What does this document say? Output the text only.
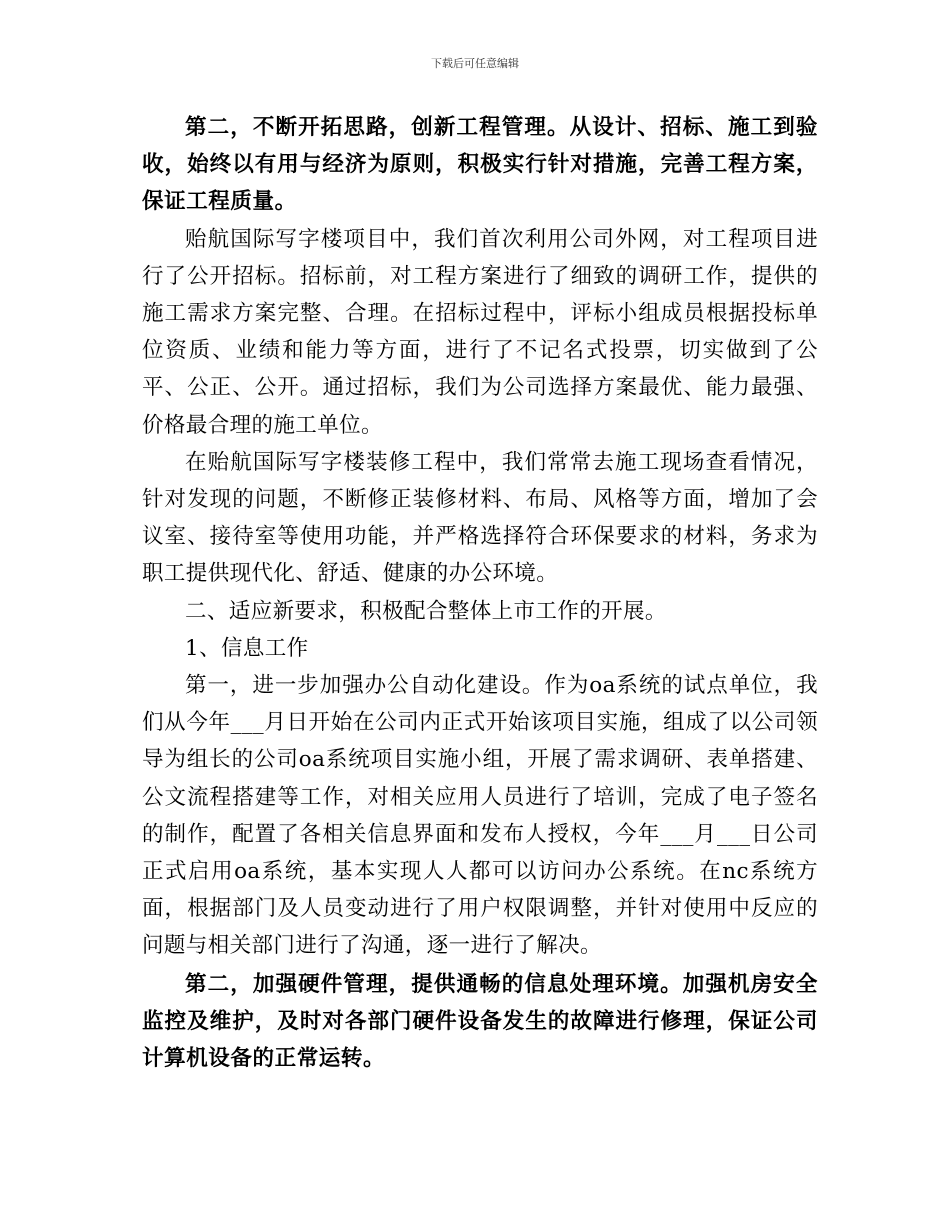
下载后可任意编辑

第二，不断开拓思路，创新工程管理。从设计、招标、施工到验收，始终以有用与经济为原则，积极实行针对措施，完善工程方案，保证工程质量。

贻航国际写字楼项目中，我们首次利用公司外网，对工程项目进行了公开招标。招标前，对工程方案进行了细致的调研工作，提供的施工需求方案完整、合理。在招标过程中，评标小组成员根据投标单位资质、业绩和能力等方面，进行了不记名式投票，切实做到了公平、公正、公开。通过招标，我们为公司选择方案最优、能力最强、价格最合理的施工单位。

在贻航国际写字楼装修工程中，我们常常去施工现场查看情况，针对发现的问题，不断修正装修材料、布局、风格等方面，增加了会议室、接待室等使用功能，并严格选择符合环保要求的材料，务求为职工提供现代化、舒适、健康的办公环境。

二、适应新要求，积极配合整体上市工作的开展。

1、信息工作

第一，进一步加强办公自动化建设。作为oa系统的试点单位，我们从今年___月日开始在公司内正式开始该项目实施，组成了以公司领导为组长的公司oa系统项目实施小组，开展了需求调研、表单搭建、公文流程搭建等工作，对相关应用人员进行了培训，完成了电子签名的制作，配置了各相关信息界面和发布人授权，今年___月___日公司正式启用oa系统，基本实现人人都可以访问办公系统。在nc系统方面，根据部门及人员变动进行了用户权限调整，并针对使用中反应的问题与相关部门进行了沟通，逐一进行了解决。

第二，加强硬件管理，提供通畅的信息处理环境。加强机房安全监控及维护，及时对各部门硬件设备发生的故障进行修理，保证公司计算机设备的正常运转。
